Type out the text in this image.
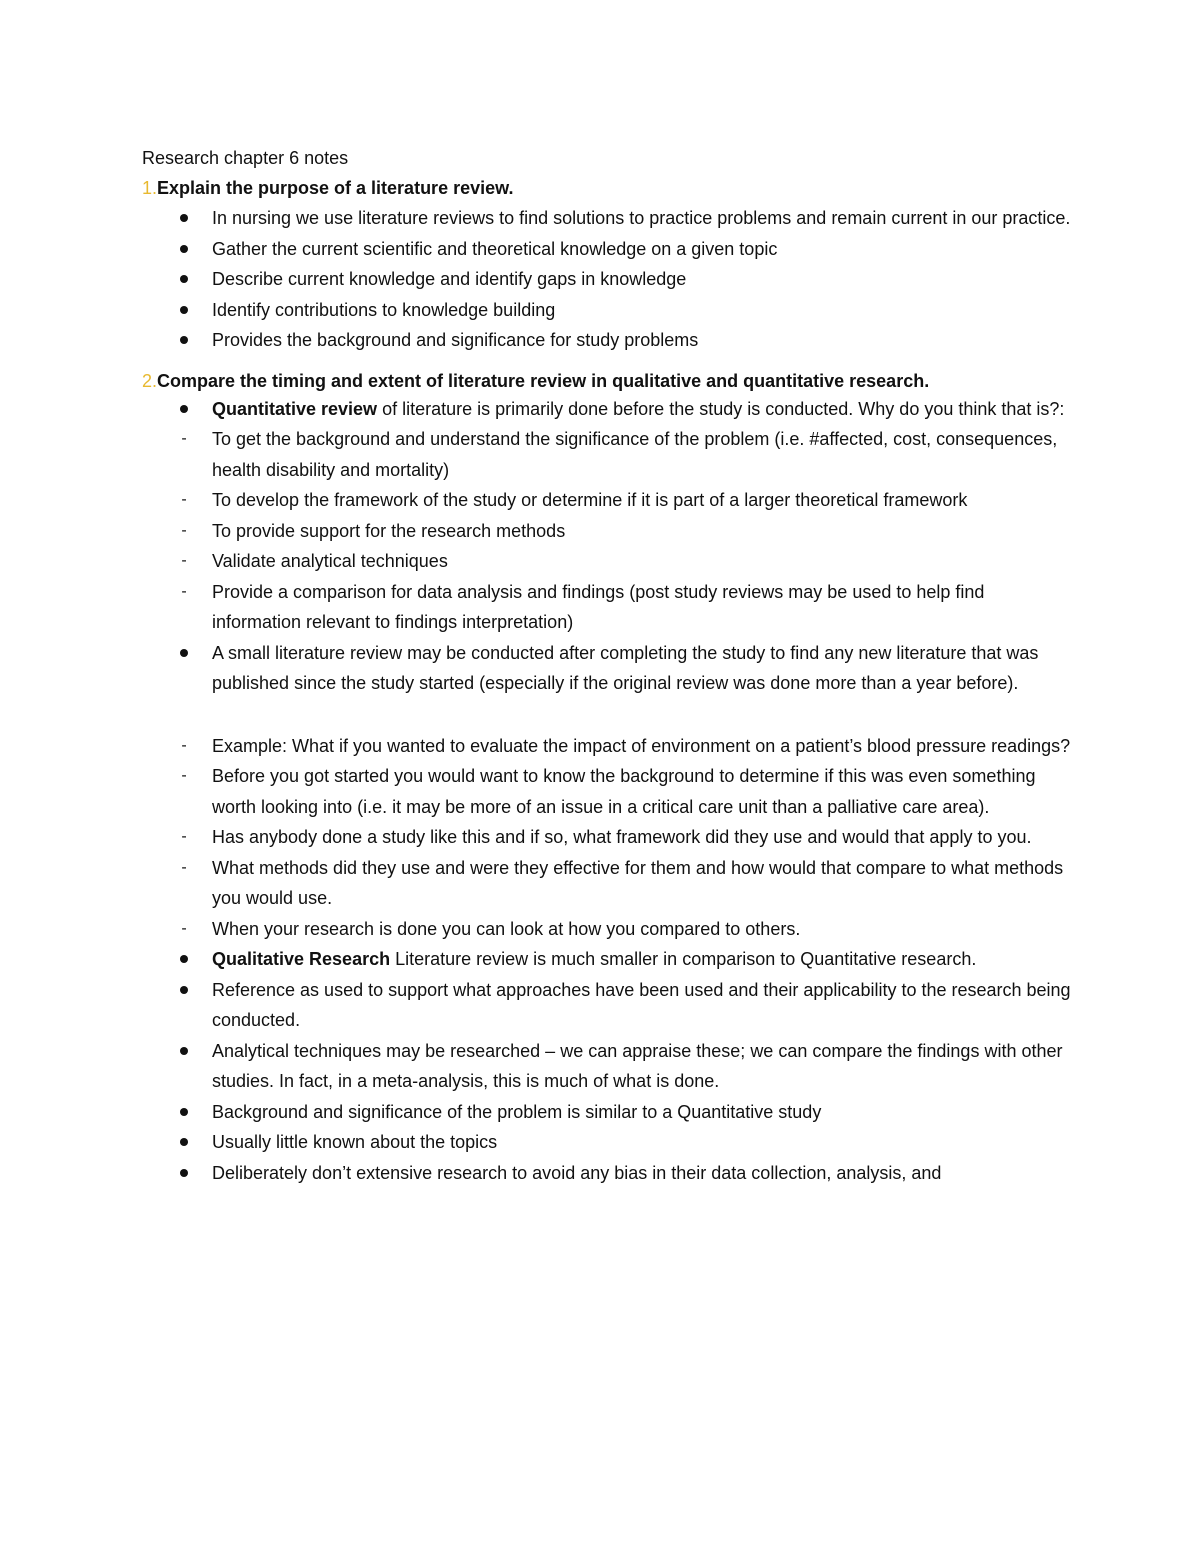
Research chapter 6 notes
1. Explain the purpose of a literature review.
In nursing we use literature reviews to find solutions to practice problems and remain current in our practice.
Gather the current scientific and theoretical knowledge on a given topic
Describe current knowledge and identify gaps in knowledge
Identify contributions to knowledge building
Provides the background and significance for study problems
2. Compare the timing and extent of literature review in qualitative and quantitative research.
Quantitative review of literature is primarily done before the study is conducted. Why do you think that is?:
-	To get the background and understand the significance of the problem (i.e. #affected, cost, consequences, health disability and mortality)
-	To develop the framework of the study or determine if it is part of a larger theoretical framework
-	To provide support for the research methods
-	Validate analytical techniques
-	Provide a comparison for data analysis and findings (post study reviews may be used to help find information relevant to findings interpretation)
A small literature review may be conducted after completing the study to find any new literature that was published since the study started (especially if the original review was done more than a year before).
-	Example: What if you wanted to evaluate the impact of environment on a patient’s blood pressure readings?
-	Before you got started you would want to know the background to determine if this was even something worth looking into (i.e. it may be more of an issue in a critical care unit than a palliative care area).
-	Has anybody done a study like this and if so, what framework did they use and would that apply to you.
-	What methods did they use and were they effective for them and how would that compare to what methods you would use.
-	When your research is done you can look at how you compared to others.
Qualitative Research Literature review is much smaller in comparison to Quantitative research.
Reference as used to support what approaches have been used and their applicability to the research being conducted.
Analytical techniques may be researched – we can appraise these; we can compare the findings with other studies. In fact, in a meta-analysis, this is much of what is done.
Background and significance of the problem is similar to a Quantitative study
Usually little known about the topics
Deliberately don’t extensive research to avoid any bias in their data collection, analysis, and
